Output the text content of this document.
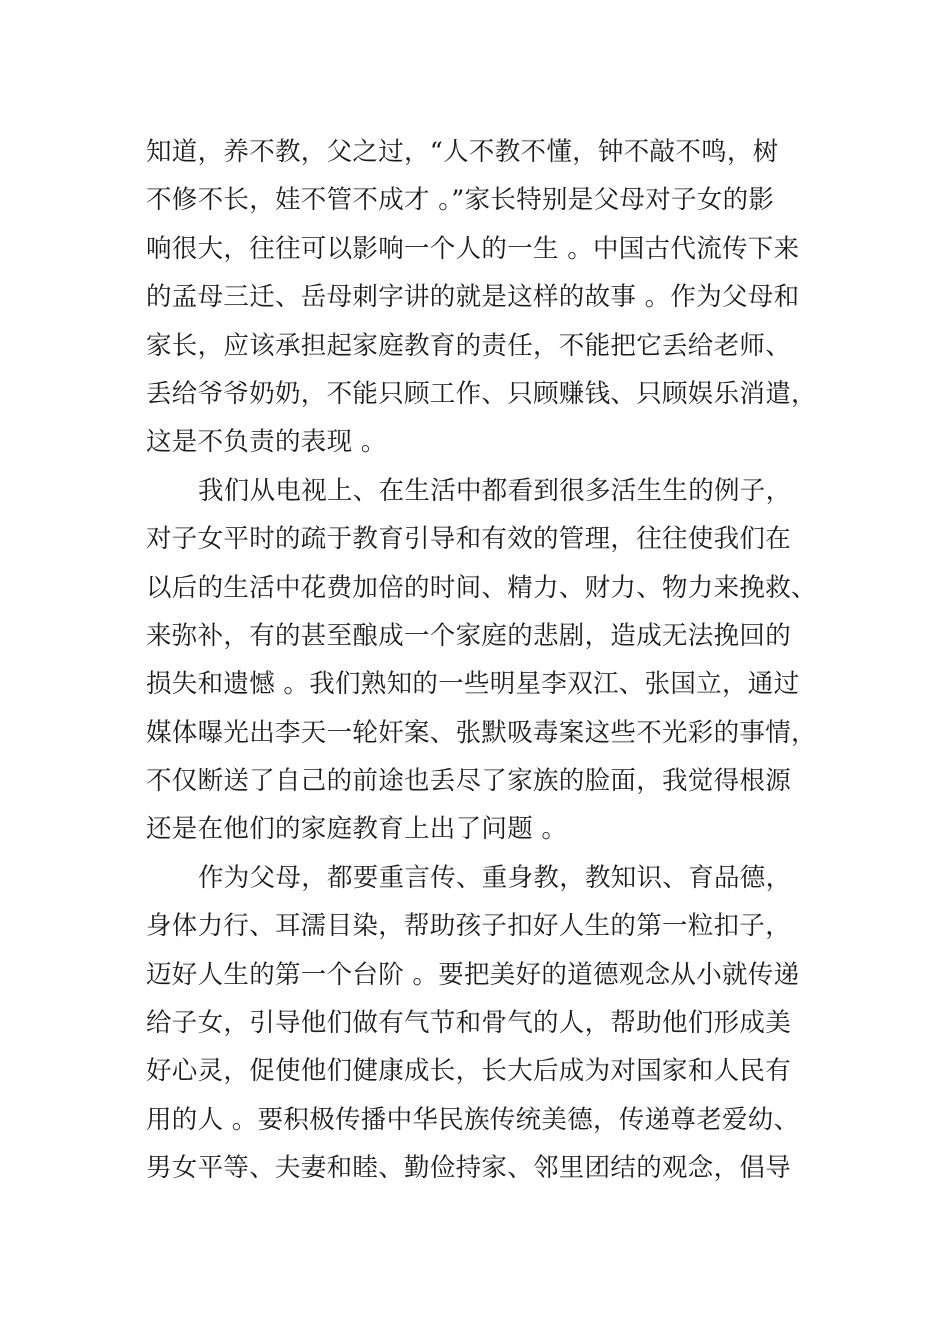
知道，养不教，父之过，“人不教不懂，钟不敲不鸣，树
不修不长，娃不管不成才 。”家长特别是父母对子女的影
响很大，往往可以影响一个人的一生 。中国古代流传下来
的孟母三迁、岳母刺字讲的就是这样的故事 。作为父母和
家长，应该承担起家庭教育的责任，不能把它丢给老师、
丢给爷爷奶奶，不能只顾工作、只顾赚钱、只顾娱乐消遣，
这是不负责的表现 。
我们从电视上、在生活中都看到很多活生生的例子，
对子女平时的疏于教育引导和有效的管理，往往使我们在
以后的生活中花费加倍的时间、精力、财力、物力来挽救、
来弥补，有的甚至酿成一个家庭的悲剧，造成无法挽回的
损失和遗憾 。我们熟知的一些明星李双江、张国立，通过
媒体曝光出李天一轮奸案、张默吸毒案这些不光彩的事情，
不仅断送了自己的前途也丢尽了家族的脸面，我觉得根源
还是在他们的家庭教育上出了问题 。
作为父母，都要重言传、重身教，教知识、育品德，
身体力行、耳濡目染，帮助孩子扣好人生的第一粒扣子，
迈好人生的第一个台阶 。要把美好的道德观念从小就传递
给子女，引导他们做有气节和骨气的人，帮助他们形成美
好心灵，促使他们健康成长，长大后成为对国家和人民有
用的人 。要积极传播中华民族传统美德，传递尊老爱幼、
男女平等、夫妻和睦、勤俭持家、邻里团结的观念，倡导
